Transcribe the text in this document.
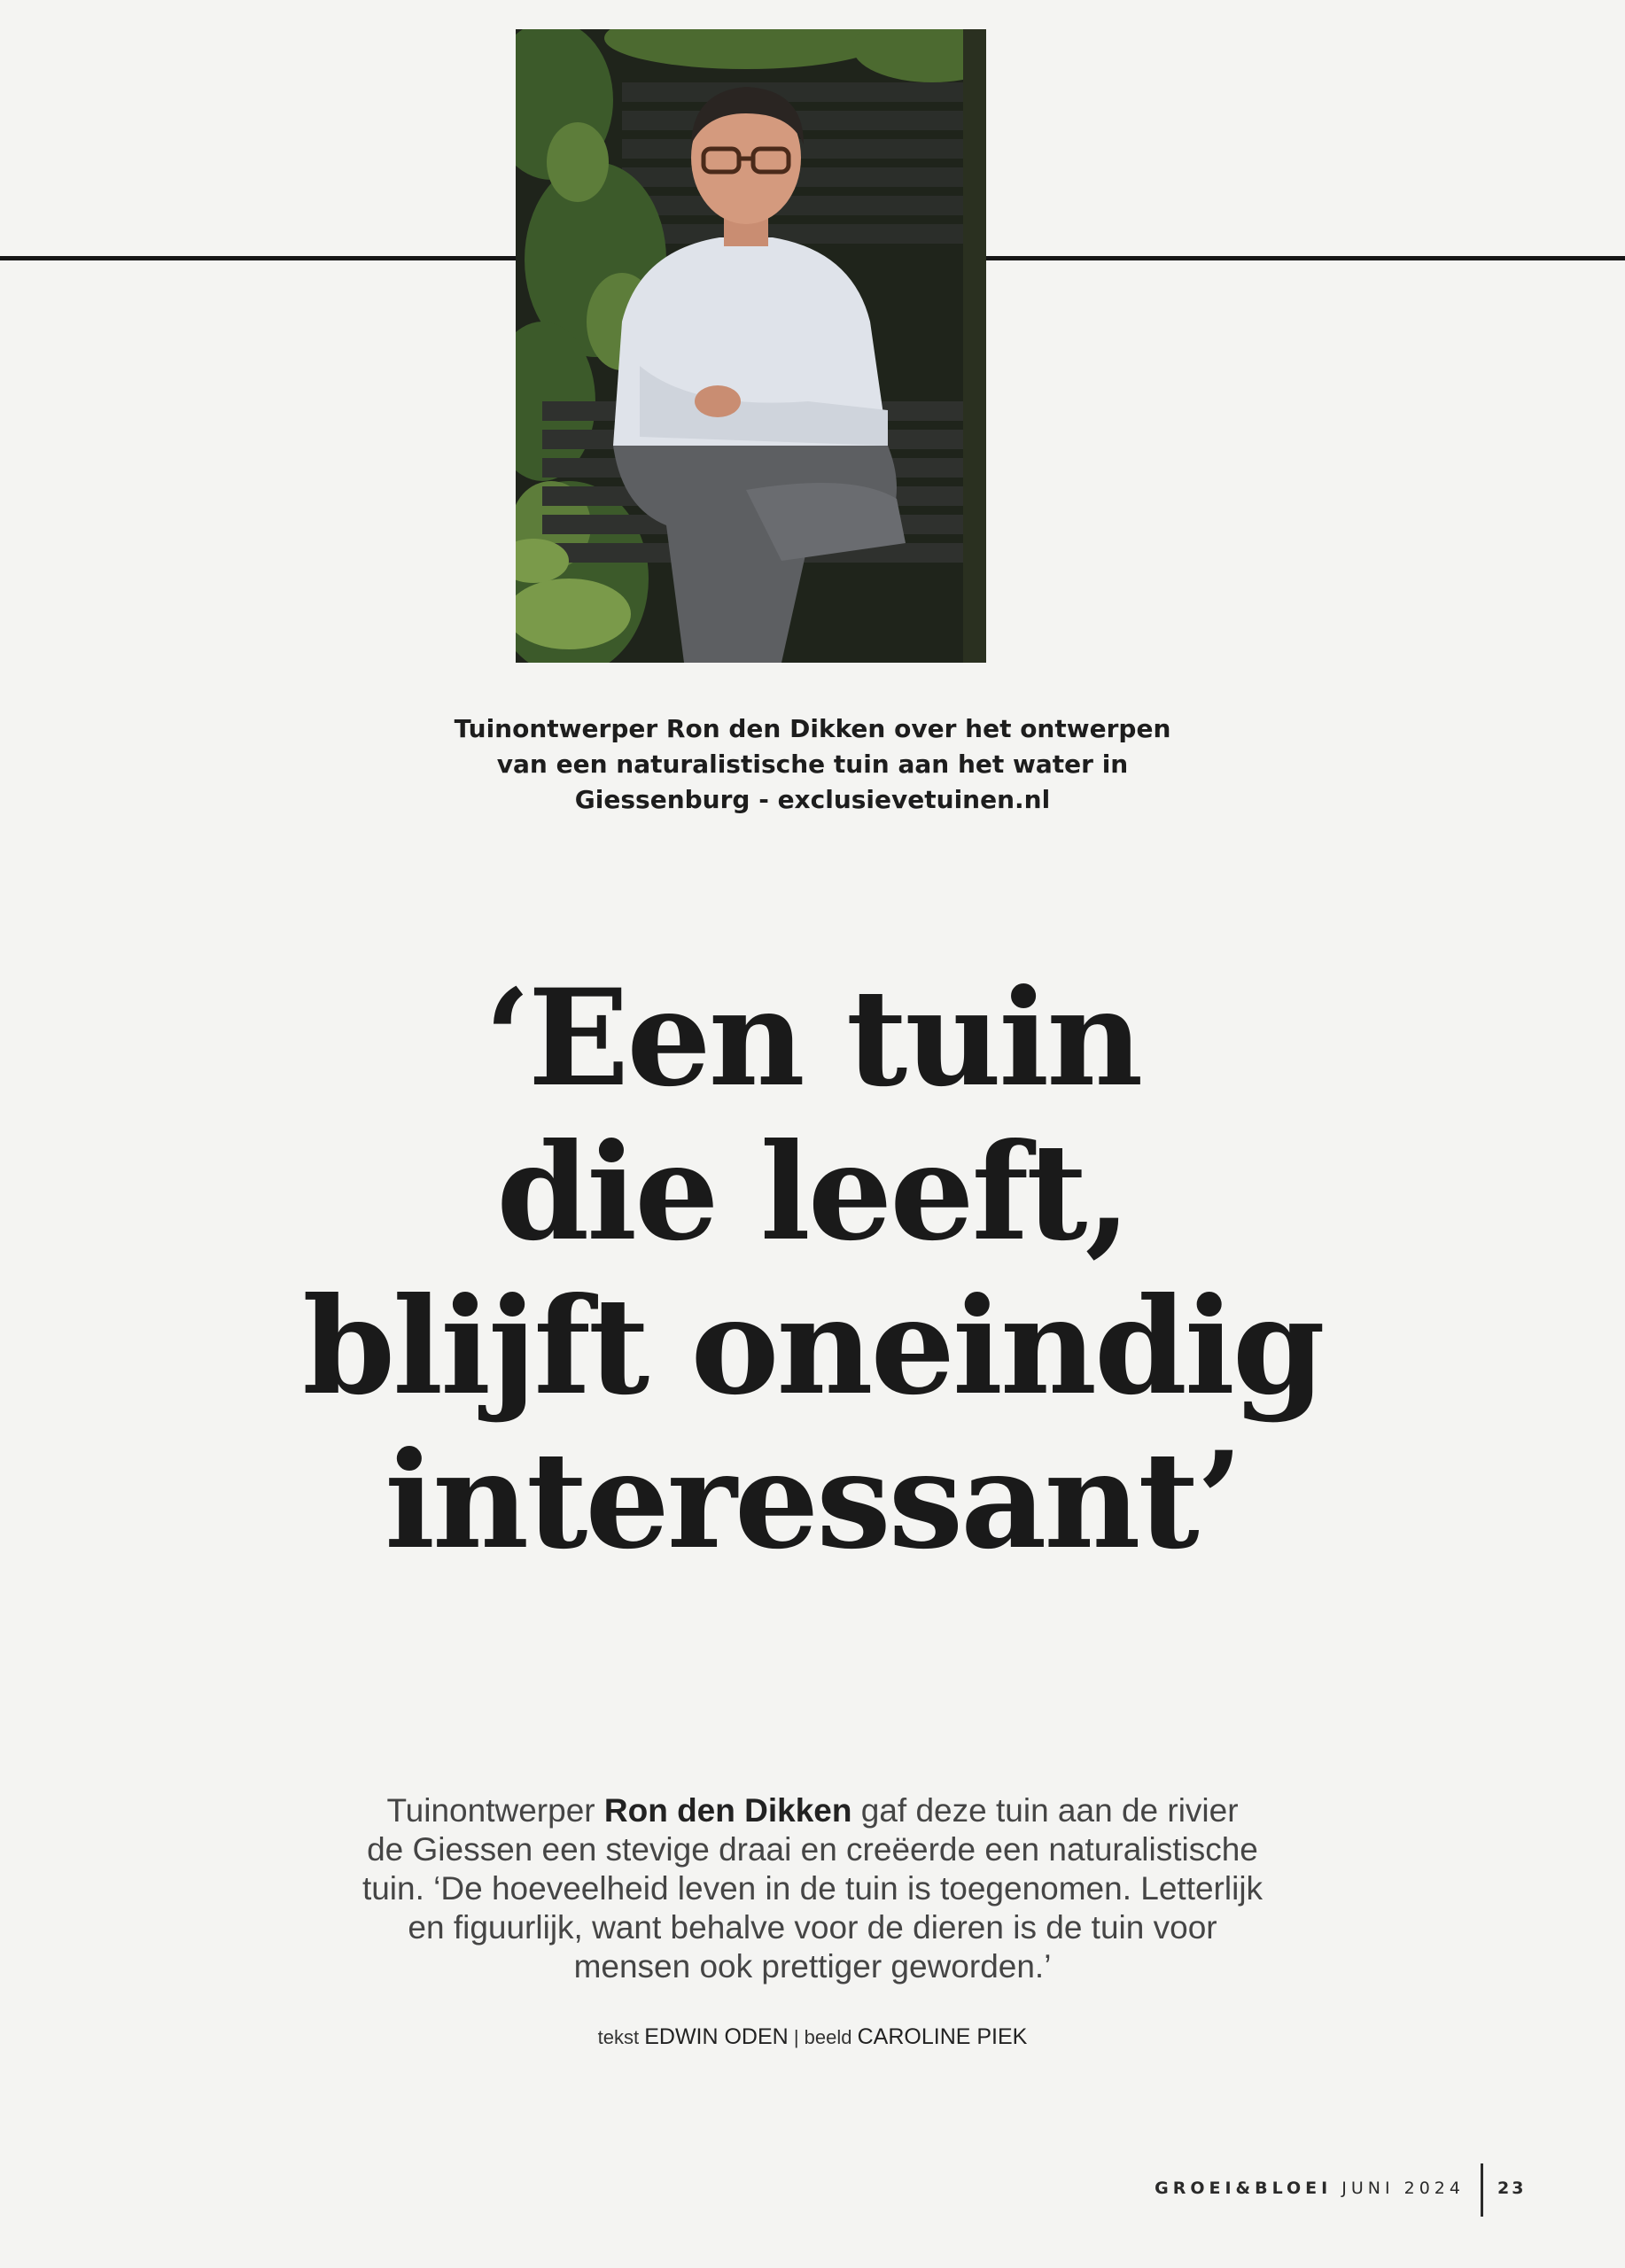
Tuinontwerper Ron den Dikken over het ontwerpen
van een naturalistische tuin aan het water in
Giessenburg - exclusievetuinen.nl
‘Een tuin
die leeft,
blijft oneindig
interessant’
Tuinontwerper Ron den Dikken gaf deze tuin aan de rivier
de Giessen een stevige draai en creëerde een naturalistische
tuin. ‘De hoeveelheid leven in de tuin is toegenomen. Letterlijk
en figuurlijk, want behalve voor de dieren is de tuin voor
mensen ook prettiger geworden.’
tekst EDWIN ODEN | beeld CAROLINE PIEK
GROEI&BLOEI JUNI 2024 23
